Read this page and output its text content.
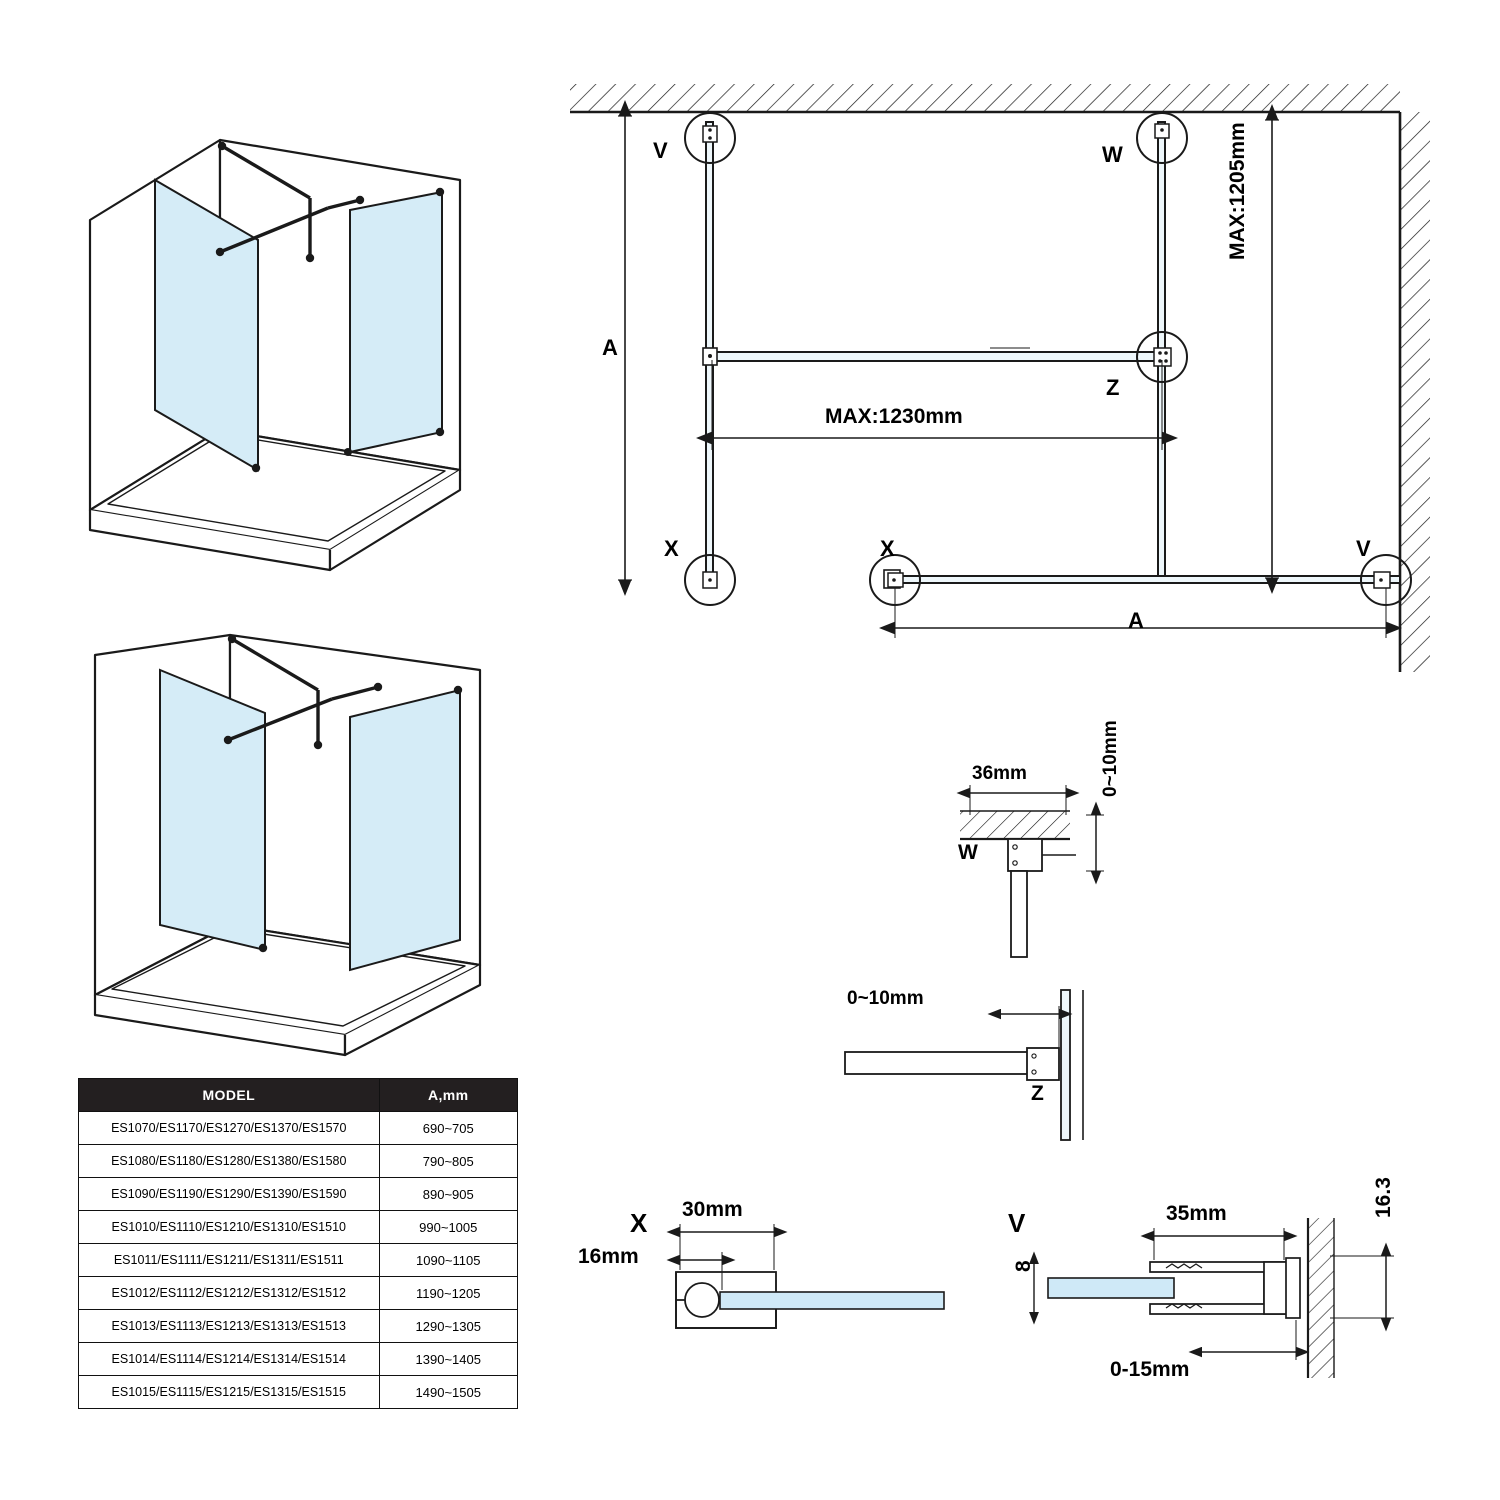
MODEL	A,mm
ES1070/ES1170/ES1270/ES1370/ES1570	690~705
ES1080/ES1180/ES1280/ES1380/ES1580	790~805
ES1090/ES1190/ES1290/ES1390/ES1590	890~905
ES1010/ES1110/ES1210/ES1310/ES1510	990~1005
ES1011/ES1111/ES1211/ES1311/ES1511	1090~1105
ES1012/ES1112/ES1212/ES1312/ES1512	1190~1205
ES1013/ES1113/ES1213/ES1313/ES1513	1290~1305
ES1014/ES1114/ES1214/ES1314/ES1514	1390~1405
ES1015/ES1115/ES1215/ES1315/ES1515	1490~1505
V	W
Z
X	X	V
A
MAX:1230mm
MAX:1205mm
A
36mm
W
0~10mm
0~10mm
Z
30mm
16mm
X	35mm	16.3
8
0-15mm
V
